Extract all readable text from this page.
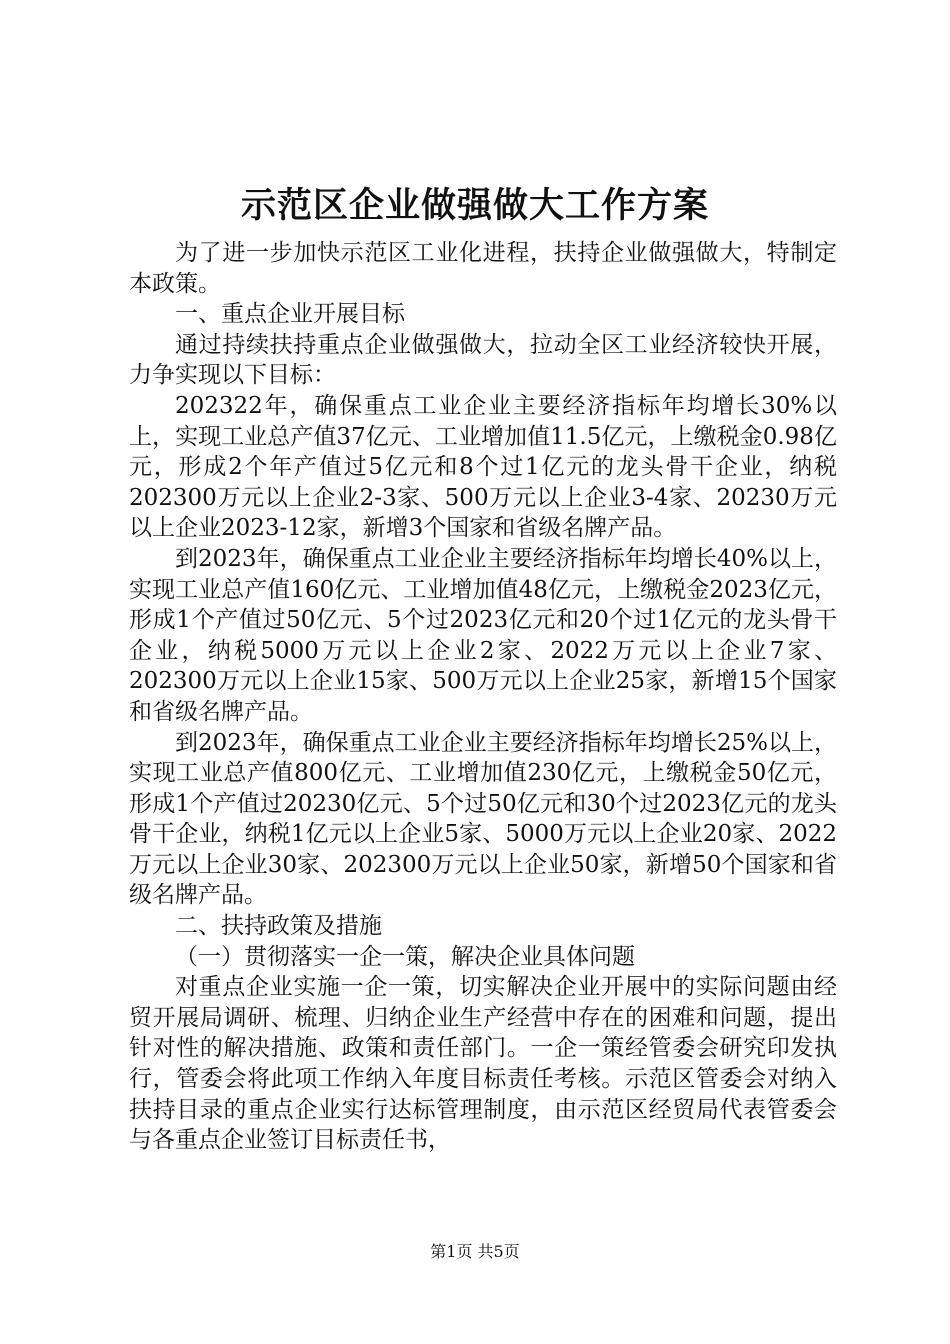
示范区企业做强做大工作方案

为了进一步加快示范区工业化进程，扶持企业做强做大，特制定本政策。

一、重点企业开展目标

通过持续扶持重点企业做强做大，拉动全区工业经济较快开展，力争实现以下目标：

202322年，确保重点工业企业主要经济指标年均增长30%以上，实现工业总产值37亿元、工业增加值11.5亿元，上缴税金0.98亿元，形成2个年产值过5亿元和8个过1亿元的龙头骨干企业，纳税202300万元以上企业2-3家、500万元以上企业3-4家、20230万元以上企业2023-12家，新增3个国家和省级名牌产品。

到2023年，确保重点工业企业主要经济指标年均增长40%以上，实现工业总产值160亿元、工业增加值48亿元，上缴税金2023亿元，形成1个产值过50亿元、5个过2023亿元和20个过1亿元的龙头骨干企业，纳税5000万元以上企业2家、2022万元以上企业7家、202300万元以上企业15家、500万元以上企业25家，新增15个国家和省级名牌产品。

到2023年，确保重点工业企业主要经济指标年均增长25%以上，实现工业总产值800亿元、工业增加值230亿元，上缴税金50亿元，形成1个产值过20230亿元、5个过50亿元和30个过2023亿元的龙头骨干企业，纳税1亿元以上企业5家、5000万元以上企业20家、2022万元以上企业30家、202300万元以上企业50家，新增50个国家和省级名牌产品。

二、扶持政策及措施

（一）贯彻落实一企一策，解决企业具体问题

对重点企业实施一企一策，切实解决企业开展中的实际问题由经贸开展局调研、梳理、归纳企业生产经营中存在的困难和问题，提出针对性的解决措施、政策和责任部门。一企一策经管委会研究印发执行，管委会将此项工作纳入年度目标责任考核。示范区管委会对纳入扶持目录的重点企业实行达标管理制度，由示范区经贸局代表管委会与各重点企业签订目标责任书，

第1页 共5页
